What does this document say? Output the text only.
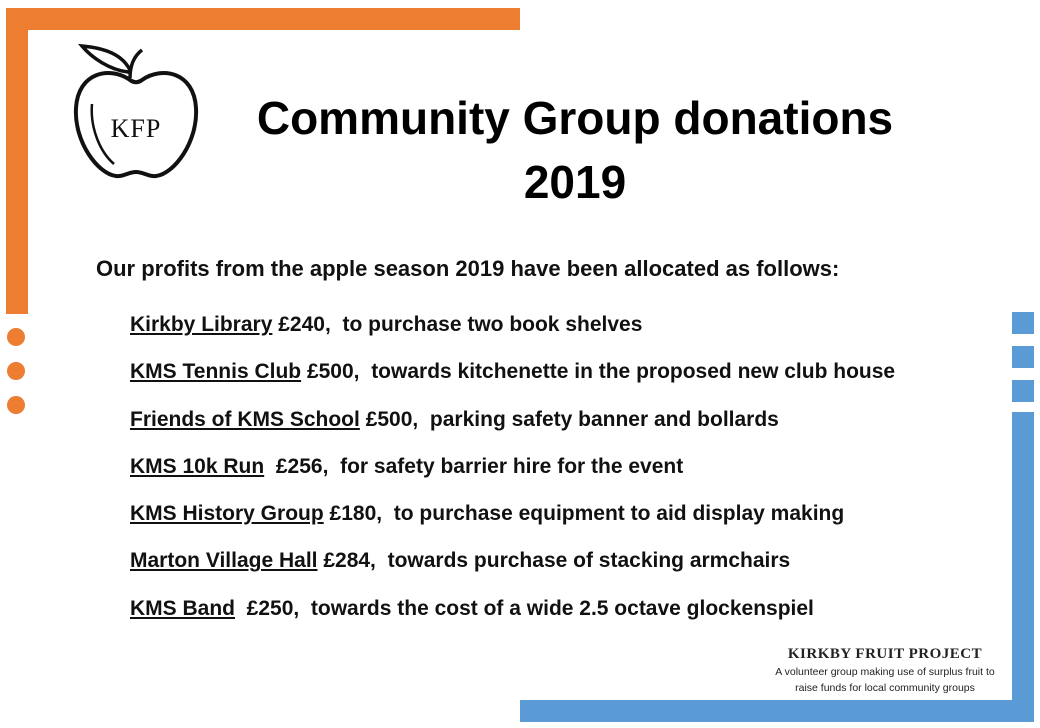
KFP	Community Group donations
2019
Our profits from the apple season 2019 have been allocated as follows:
Kirkby Library £240, to purchase two book shelves
KMS Tennis Club £500, towards kitchenette in the proposed new club house
Friends of KMS School £500, parking safety banner and bollards
KMS 10k Run £256, for safety barrier hire for the event
KMS History Group £180, to purchase equipment to aid display making
Marton Village Hall £284, towards purchase of stacking armchairs
KMS Band £250, towards the cost of a wide 2.5 octave glockenspiel
KIRKBY FRUIT PROJECT
A volunteer group making use of surplus fruit to
raise funds for local community groups
